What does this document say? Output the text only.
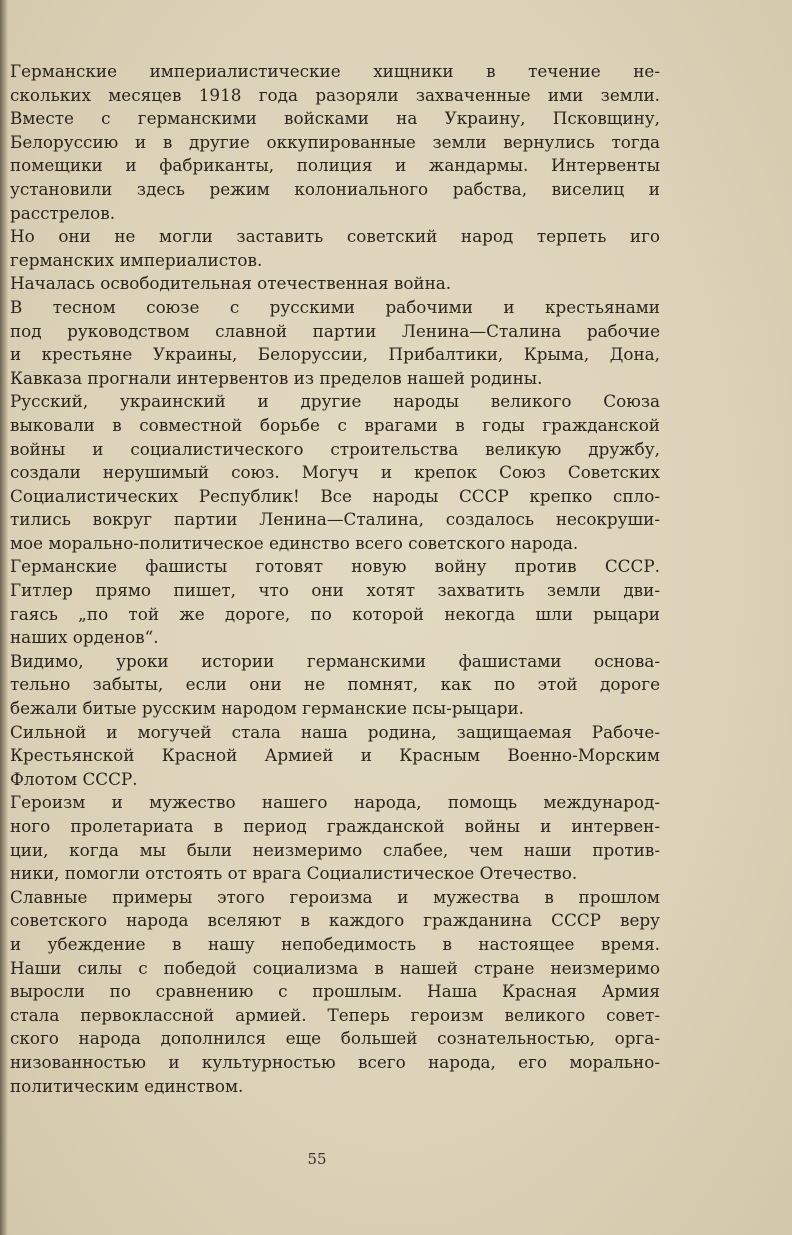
Германские империалистические хищники в течение не-
скольких месяцев 1918 года разоряли захваченные ими земли.
Вместе с германскими войсками на Украину, Псковщину,
Белоруссию и в другие оккупированные земли вернулись тогда
помещики и фабриканты, полиция и жандармы. Интервенты
установили здесь режим колониального рабства, виселиц и
расстрелов.
Но они не могли заставить советский народ терпеть иго
германских империалистов.
Началась освободительная отечественная война.
В тесном союзе с русскими рабочими и крестьянами
под руководством славной партии Ленина—Сталина рабочие
и крестьяне Украины, Белоруссии, Прибалтики, Крыма, Дона,
Кавказа прогнали интервентов из пределов нашей родины.
Русский, украинский и другие народы великого Союза
выковали в совместной борьбе с врагами в годы гражданской
войны и социалистического строительства великую дружбу,
создали нерушимый союз. Могуч и крепок Союз Советских
Социалистических Республик! Все народы СССР крепко спло-
тились вокруг партии Ленина—Сталина, создалось несокруши-
мое морально-политическое единство всего советского народа.
Германские фашисты готовят новую войну против СССР.
Гитлер прямо пишет, что они хотят захватить земли дви-
гаясь „по той же дороге, по которой некогда шли рыцари
наших орденов“.
Видимо, уроки истории германскими фашистами основа-
тельно забыты, если они не помнят, как по этой дороге
бежали битые русским народом германские псы-рыцари.
Сильной и могучей стала наша родина, защищаемая Рабоче-
Крестьянской Красной Армией и Красным Военно-Морским
Флотом СССР.
Героизм и мужество нашего народа, помощь международ-
ного пролетариата в период гражданской войны и интервен-
ции, когда мы были неизмеримо слабее, чем наши против-
ники, помогли отстоять от врага Социалистическое Отечество.
Славные примеры этого героизма и мужества в прошлом
советского народа вселяют в каждого гражданина СССР веру
и убеждение в нашу непобедимость в настоящее время.
Наши силы с победой социализма в нашей стране неизмеримо
выросли по сравнению с прошлым. Наша Красная Армия
стала первоклассной армией. Теперь героизм великого совет-
ского народа дополнился еще большей сознательностью, орга-
низованностью и культурностью всего народа, его морально-
политическим единством.
55
